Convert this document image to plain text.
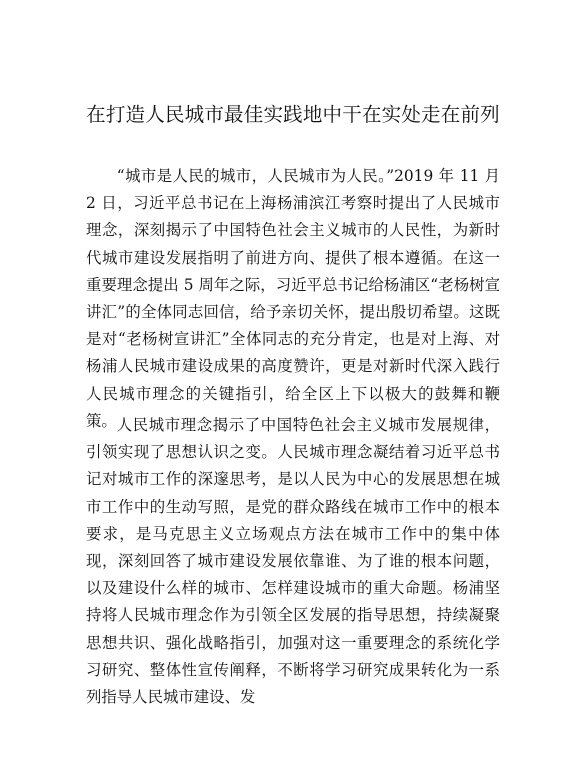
在打造人民城市最佳实践地中干在实处走在前列

“城市是人民的城市，人民城市为人民。”2019 年 11 月 2 日，习近平总书记在上海杨浦滨江考察时提出了人民城市理念，深刻揭示了中国特色社会主义城市的人民性，为新时代城市建设发展指明了前进方向、提供了根本遵循。在这一重要理念提出 5 周年之际，习近平总书记给杨浦区“老杨树宣讲汇”的全体同志回信，给予亲切关怀，提出殷切希望。这既是对“老杨树宣讲汇”全体同志的充分肯定，也是对上海、对杨浦人民城市建设成果的高度赞许，更是对新时代深入践行人民城市理念的关键指引，给全区上下以极大的鼓舞和鞭策。 人民城市理念揭示了中国特色社会主义城市发展规律，引领实现了思想认识之变。人民城市理念凝结着习近平总书记对城市工作的深邃思考，是以人民为中心的发展思想在城市工作中的生动写照，是党的群众路线在城市工作中的根本要求，是马克思主义立场观点方法在城市工作中的集中体现，深刻回答了城市建设发展依靠谁、为了谁的根本问题，以及建设什么样的城市、怎样建设城市的重大命题。杨浦坚持将人民城市理念作为引领全区发展的指导思想，持续凝聚思想共识、强化战略指引，加强对这一重要理念的系统化学习研究、整体性宣传阐释，不断将学习研究成果转化为一系列指导人民城市建设、发
